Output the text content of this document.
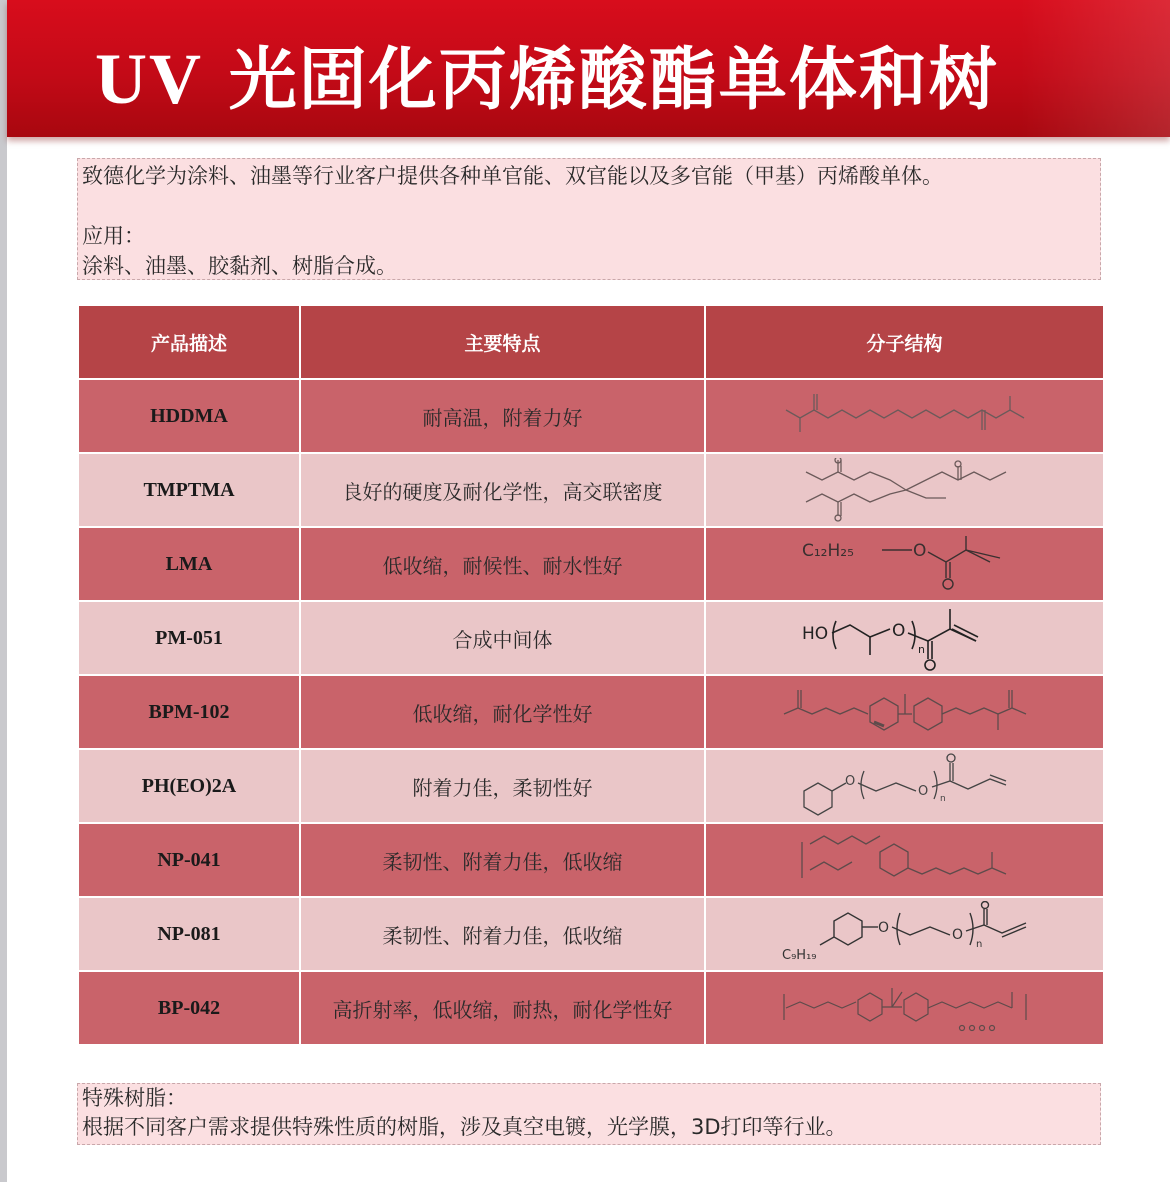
UV 光固化丙烯酸酯单体和树

致德化学为涂料、油墨等行业客户提供各种单官能、双官能以及多官能（甲基）丙烯酸单体。

应用：

涂料、油墨、胶黏剂、树脂合成。

产品描述	主要特点	分子结构
HDDMA	耐高温，附着力好	

TMPTMA	良好的硬度及耐化学性，高交联密度	

LMA	低收缩，耐候性、耐水性好	C₁₂H₂₅ O

PM-051	合成中间体	HO O
n

BPM-102	低收缩，耐化学性好	

PH(EO)2A	附着力佳，柔韧性好	O
O n

NP-041	柔韧性、附着力佳，低收缩	

NP-081	柔韧性、附着力佳，低收缩	C₉H₁₉
O O
n

BP-042	高折射率，低收缩，耐热，耐化学性好	

特殊树脂：

根据不同客户需求提供特殊性质的树脂，涉及真空电镀，光学膜，3D打印等行业。
